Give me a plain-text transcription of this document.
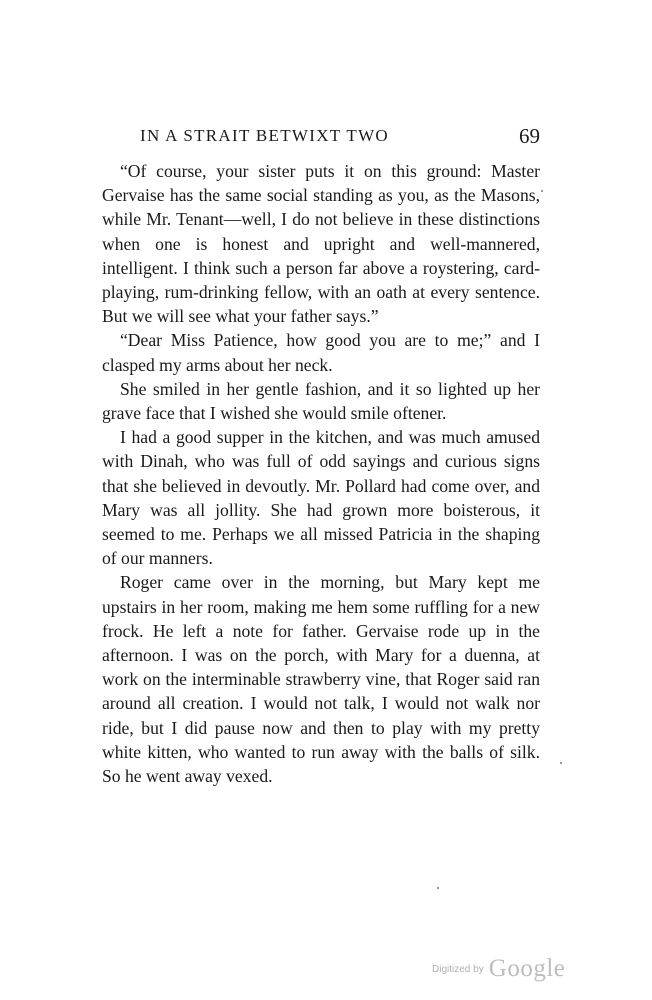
IN A STRAIT BETWIXT TWO	69

“Of course, your sister puts it on this ground: Master Gervaise has the same social standing as you, as the Masons, while Mr. Tenant—well, I do not believe in these distinctions when one is honest and upright and well-mannered, intelligent. I think such a person far above a roystering, card-playing, rum-drinking fellow, with an oath at every sentence. But we will see what your father says.”

“Dear Miss Patience, how good you are to me;” and I clasped my arms about her neck.

She smiled in her gentle fashion, and it so lighted up her grave face that I wished she would smile oftener.

I had a good supper in the kitchen, and was much amused with Dinah, who was full of odd sayings and curious signs that she believed in devoutly. Mr. Pollard had come over, and Mary was all jollity. She had grown more boisterous, it seemed to me. Perhaps we all missed Patricia in the shaping of our manners.

Roger came over in the morning, but Mary kept me upstairs in her room, making me hem some ruffling for a new frock. He left a note for father. Gervaise rode up in the afternoon. I was on the porch, with Mary for a duenna, at work on the interminable strawberry vine, that Roger said ran around all creation. I would not talk, I would not walk nor ride, but I did pause now and then to play with my pretty white kitten, who wanted to run away with the balls of silk. So he went away vexed.

$^{Digitized by}$ Google
